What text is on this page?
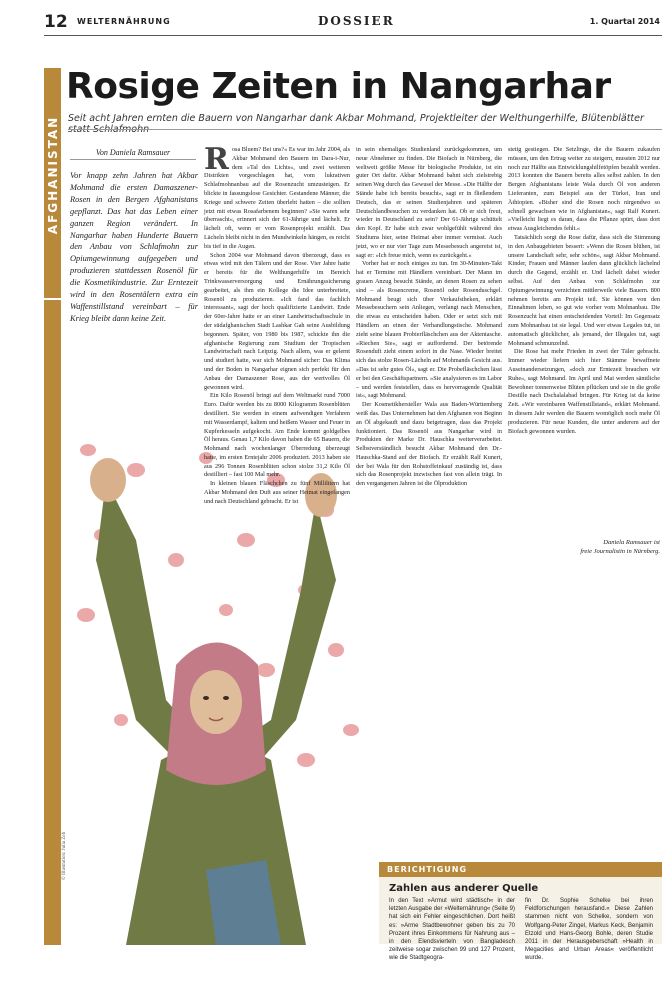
12 WELTERNÄHRUNG	DOSSIER	1. Quartal 2014
AFGHANISTAN
Rosige Zeiten in Nangarhar
Seit acht Jahren ernten die Bauern von Nangarhar dank Akbar Mohmand, Projektleiter der Welthungerhilfe, Blütenblätter
Von Daniela Ramsauer
Vor knapp zehn Jahren hat Akbar Mohmand die ersten Damaszener-Rosen in den Bergen Afghanistans gepflanzt. Das hat das Leben einer ganzen Region verändert. In Nangarhar haben Hunderte Bauern den Anbau von Schlafmohn zur Opiumgewinnung aufgegeben und produzieren stattdessen Rosenöl für die Kosmetikindustrie. Zur Erntezeit wird in den Rosentälern extra ein Waffenstillstand vereinbart – für Krieg bleibt dann keine Zeit.
© Illustration: Julia Zeh

Rosa Bluem? Bei uns?« Es war im Jahr 2004, als Akbar Mohmand den Bauern im Dara-i-Nur, dem »Tal des Lichts«, und zwei weiteren Distrikten vorgeschlagen hat, vom lukrativen Schlafmohnanbau auf die Rosenzucht umzusteigen. Er blickte in fassungslose Gesichter. Gestandene Männer, die Kriege und schwere Zeiten überlebt hatten – die sollten jetzt mit etwas Rosafarbenem beginnen? »Sie waren sehr überrascht«, erinnert sich der 61-Jährige und lächelt. Er lächelt oft, wenn er vom Rosenprojekt erzählt. Das Lächeln bleibt nicht in den Mundwinkeln hängen, es reicht bis tief in die Augen.

Schon 2004 war Mohmand davon überzeugt, dass es etwas wird mit den Tälern und der Rose. Vier Jahre hatte er bereits für die Welthungerhilfe im Bereich Trinkwasserversorgung und Ernährungssicherung gearbeitet, als ihm ein Kollege die Idee unterbreitete, Rosenöl zu produzieren. »Ich fand das fachlich interessant«, sagt der hoch qualifizierte Landwirt. Ende der 60er-Jahre hatte er an einer Landwirtschaftsschule in der südafghanischen Stadt Lashkar Gah seine Ausbildung begonnen. Später, von 1980 bis 1987, schickte ihn die afghanische Regierung zum Studium der Tropischen Landwirtschaft nach Leipzig. Nach allem, was er gelernt und studiert hatte, war sich Mohmand sicher: Das Klima und der Boden in Nangarhar eignen sich perfekt für den Anbau der Damaszener Rose, aus der wertvolles Öl gewonnen wird.

Ein Kilo Rosenöl bringt auf dem Weltmarkt rund 7000 Euro. Dafür werden bis zu 8000 Kilogramm Rosenblüten destilliert. Sie werden in einem aufwendigen Verfahren mit Wasserdampf, kaltem und heißem Wasser und Feuer in Kupferkesseln aufgekocht. Am Ende kommt goldgelbes Öl heraus. Genau 1,7 Kilo davon haben die 65 Bauern, die Mohmand nach wochenlanger Überredung überzeugt hatte, im ersten Erntejahr 2006 produziert. 2013 haben sie aus 296 Tonnen Rosenblüten schon stolze 31,2 Kilo Öl destilliert – fast 100 Mal mehr.

In kleinen blauen Fläschchen zu fünf Millilitern hat Akbar Mohmand den Duft aus seiner Heimat eingefangen und nach Deutschland gebracht. Er ist

in sein ehemaliges Studienland zurückgekommen, um neue Abnehmer zu finden. Die Biofach in Nürnberg, die weltweit größte Messe für biologische Produkte, ist ein guter Ort dafür. Akbar Mohmand bahnt sich zielstrebig seinen Weg durch das Gewusel der Messe. »Die Hälfte der Stände habe ich bereits besucht«, sagt er in fließendem Deutsch, das er seinen Studienjahren und späteren Deutschlandbesuchen zu verdanken hat. Ob er sich freut, wieder in Deutschland zu sein? Der 61-Jährige schüttelt den Kopf. Er habe sich zwar wohlgefühlt während des Studiums hier, seine Heimat aber immer vermisst. Auch jetzt, wo er nur vier Tage zum Messebesuch angereist ist, sagt er: »Ich freue mich, wenn es zurückgeht.«

Vorher hat er noch einiges zu tun. Im 30-Minuten-Takt hat er Termine mit Händlern vereinbart. Der Mann im grauen Anzug besucht Stände, an denen Rosen zu sehen sind – als Rosencreme, Rosenöl oder Rosenduschgel. Mohmand beugt sich über Verkaufstheken, erklärt Messebesuchern sein Anliegen, verlangt nach Menschen, die etwas zu entscheiden haben. Oder er setzt sich mit Händlern an einen der Verhandlungstische. Mohmand zieht seine blauen Probierfläschchen aus der Aktentasche. »Riechen Sie«, sagt er auffordernd. Der betörende Rosenduft zieht einem sofort in die Nase. Wieder breitet sich das stolze Rosen-Lächeln auf Mohmands Gesicht aus. »Das ist sehr gutes Öl«, sagt er. Die Probefläschchen lässt er bei den Geschäftspartnern. »Sie analysieren es im Labor – und werden feststellen, dass es hervorragende Qualität ist«, sagt Mohmand.

Der Kosmetikhersteller Wala aus Baden-Württemberg weiß das. Das Unternehmen hat den Afghanen von Beginn an Öl abgekauft und dazu beigetragen, dass das Projekt funktioniert. Das Rosenöl aus Nangarhar wird in Produkten der Marke Dr. Hauschka weiterverarbeitet. Selbstverständlich besucht Akbar Mohmand den Dr.-Hauschka-Stand auf der Biofach. Er erzählt Ralf Kunert, der bei Wala für den Rohstoffeinkauf zuständig ist, dass sich das Rosenprojekt inzwischen fast von allein trägt. In den vergangenen Jahren ist die Ölproduktion

stetig gestiegen. Die Setzlinge, die die Bauern zukaufen müssen, um den Ertrag weiter zu steigern, mussten 2012 nur noch zur Hälfte aus Entwicklungshilfetöpfen bezahlt werden. 2013 konnten die Bauern bereits alles selbst zahlen. In den Bergen Afghanistans leiste Wala durch Öl von anderen Lieferanten, zum Beispiel aus der Türkei, Iran und Äthiopien. »Bisher sind die Rosen noch nirgendwo so schnell gewachsen wie in Afghanistan«, sagt Ralf Kunert. »Vielleicht liegt es daran, dass die Pflanze spürt, dass dort etwas Ausgleichendes fehlt.«

Tatsächlich sorgt die Rose dafür, dass sich die Stimmung in den Anbaugebieten bessert: »Wenn die Rosen blühen, ist unsere Landschaft sehr, sehr schön«, sagt Akbar Mohmand. Kinder, Frauen und Männer laufen dann glücklich lächelnd durch die Gegend, erzählt er. Und lächelt dabei wieder selbst. Auf den Anbau von Schlafmohn zur Opiumgewinnung verzichten mittlerweile viele Bauern. 800 nehmen bereits am Projekt teil. Sie können von den Einnahmen leben, so gut wie vorher vom Mohnanbau. Die Rosenzucht hat einen entscheidenden Vorteil: Im Gegensatz zum Mohnanbau ist sie legal. Und wer etwas Legales tut, ist automatisch glücklicher, als jemand, der Illegales tut, sagt Mohmand schmunzelnd.

Die Rose hat mehr Frieden in zwei der Täler gebracht. Immer wieder liefern sich hier Stämme bewaffnete Auseinandersetzungen, »doch zur Erntezeit brauchen wir Ruhe«, sagt Mohmand. Im April und Mai werden sämtliche Bewohner tonnenweise Blüten pflücken und sie in die große Destille nach Dschalalabad bringen. Für Krieg ist da keine Zeit. »Wir vereinbaren Waffenstillstand«, erklärt Mohmand. In diesem Jahr werden die Bauern womöglich noch mehr Öl produzieren. Für neue Kunden, die unter anderem auf der Biofach gewonnen wurden.

Daniela Ramsauer ist
freie Journalistin in Nürnberg.
BERICHTIGUNG
Zahlen aus anderer Quelle
In den Text »Armut wird städtisch« in der letzten Ausgabe der »Welternährung« (Seite 9) hat sich ein Fehler eingeschlichen. Dort heißt es: »Arme Stadtbewohner geben bis zu 70 Prozent ihres Einkommens für Nahrung aus – in den Elendsvierteln von Bangladesch zeitweise sogar zwischen 99 und 127 Prozent, wie die Stadtgeogra-
fin Dr. Sophie Schelke bei ihren Feldforschungen herausfand.« Diese Zahlen stammen nicht von Schelke, sondern von Wolfgang-Peter Zingel, Markus Keck, Benjamin Etzold und Hans-Georg Bohle, deren Studie 2011 in der Herausgeberschaft »Health in Megacities and Urban Areas« veröffentlicht wurde.
